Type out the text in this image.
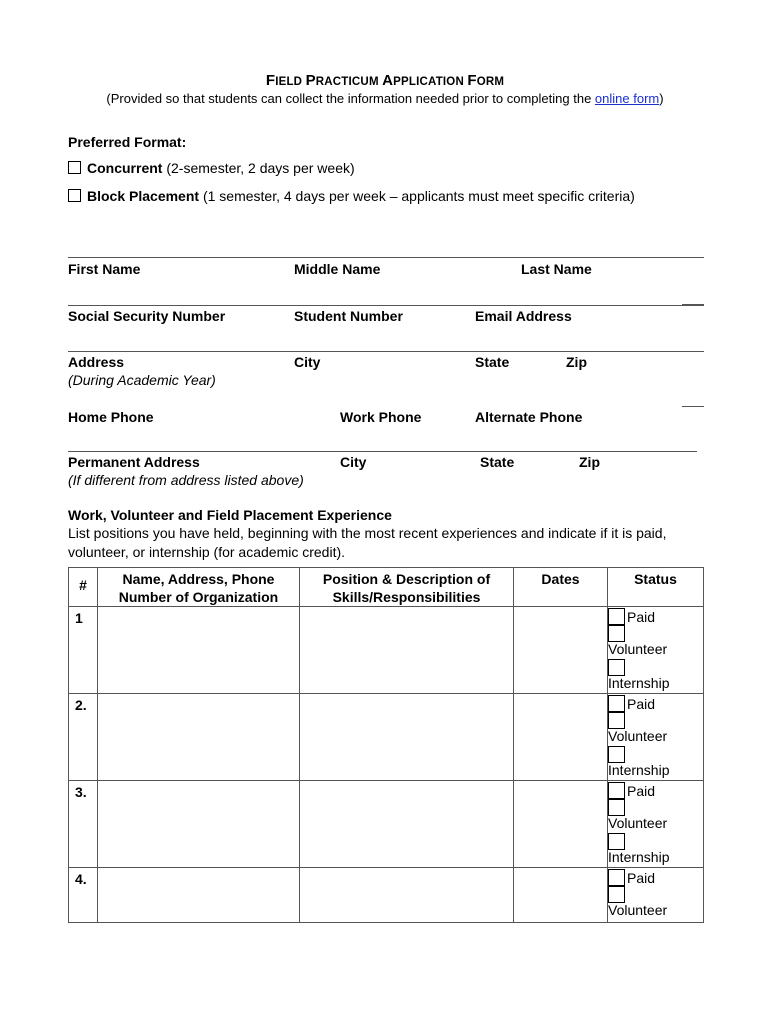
FIELD PRACTICUM APPLICATION FORM
(Provided so that students can collect the information needed prior to completing the online form)
Preferred Format:
Concurrent (2-semester, 2 days per week)
Block Placement (1 semester, 4 days per week – applicants must meet specific criteria)
First Name	Middle Name	Last Name
Social Security Number	Student Number	Email Address
Address
(During Academic Year)
City	State	Zip
Home Phone	Work Phone	Alternate Phone
Permanent Address
(If different from address listed above)
City	State	Zip
Work, Volunteer and Field Placement Experience
List positions you have held, beginning with the most recent experiences and indicate if it is paid, volunteer, or internship (for academic credit).
#	Name, Address, Phone Number of Organization	Position & Description of Skills/Responsibilities	Dates	Status
1				Paid
Volunteer
Internship

2.				Paid
Volunteer
Internship

3.				Paid
Volunteer
Internship

4.				Paid
Volunteer
